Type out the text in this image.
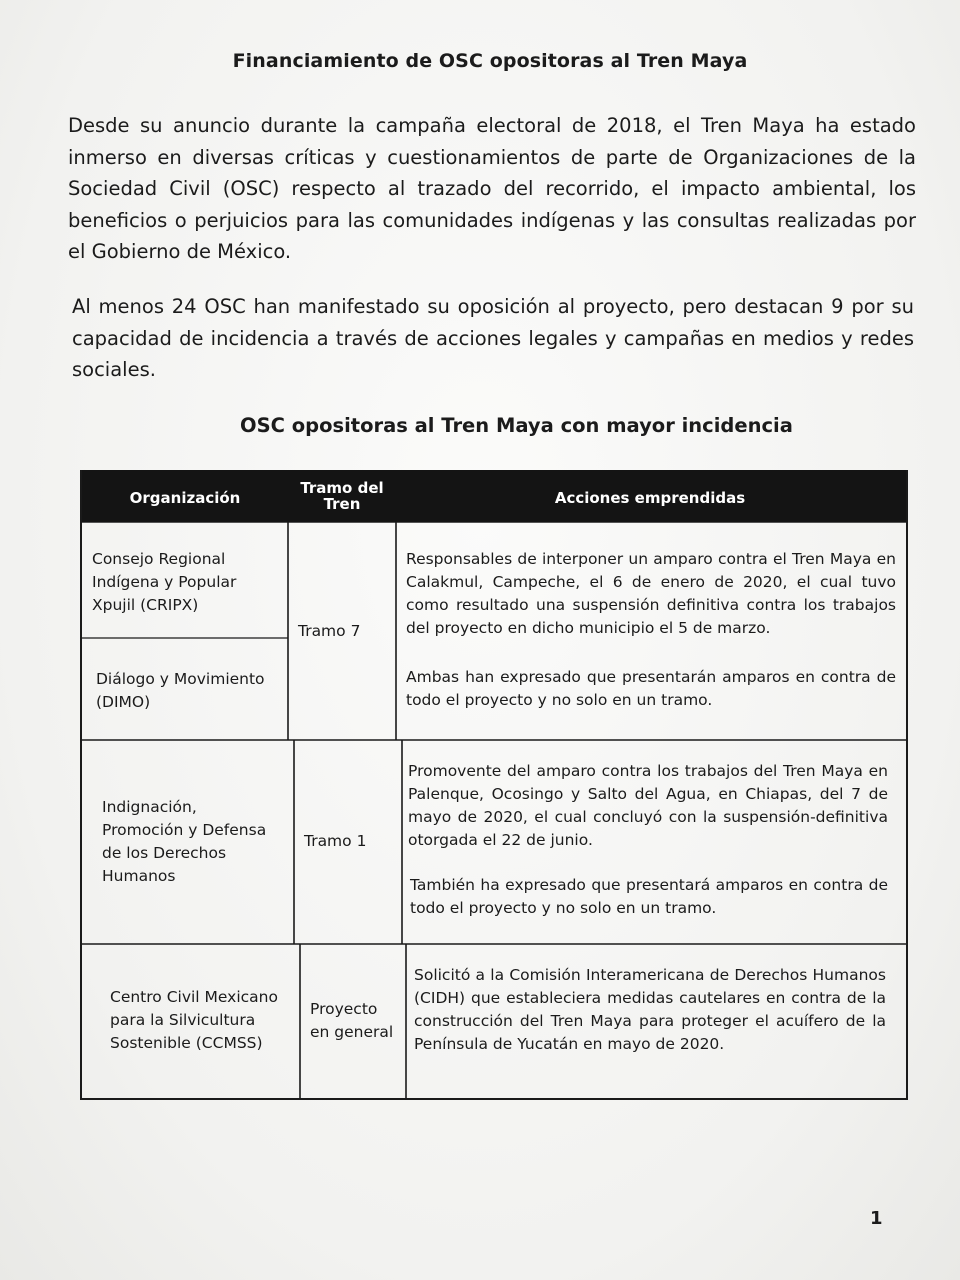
Financiamiento de OSC opositoras al Tren Maya

Desde su anuncio durante la campaña electoral de 2018, el Tren Maya ha estado inmerso en diversas críticas y cuestionamientos de parte de Organizaciones de la Sociedad Civil (OSC) respecto al trazado del recorrido, el impacto ambiental, los beneficios o perjuicios para las comunidades indígenas y las consultas realizadas por el Gobierno de México.

Al menos 24 OSC han manifestado su oposición al proyecto, pero destacan 9 por su capacidad de incidencia a través de acciones legales y campañas en medios y redes sociales.

OSC opositoras al Tren Maya con mayor incidencia
Organización
Tramo del Tren	Acciones emprendidas

Consejo Regional Indígena y Popular Xpujil (CRIPX)

Diálogo y Movimiento (DIMO)

Tramo 7

Responsables de interponer un amparo contra el Tren Maya en Calakmul, Campeche, el 6 de enero de 2020, el cual tuvo como resultado una suspensión definitiva contra los trabajos del proyecto en dicho municipio el 5 de marzo.

Ambas han expresado que presentarán amparos en contra de todo el proyecto y no solo en un tramo.

Indignación, Promoción y Defensa de los Derechos Humanos

Tramo 1

Promovente del amparo contra los trabajos del Tren Maya en Palenque, Ocosingo y Salto del Agua, en Chiapas, del 7 de mayo de 2020, el cual concluyó con la suspensión-definitiva otorgada el 22 de junio.

También ha expresado que presentará amparos en contra de todo el proyecto y no solo en un tramo.

Centro Civil Mexicano para la Silvicultura Sostenible (CCMSS)

Proyecto en general

Solicitó a la Comisión Interamericana de Derechos Humanos (CIDH) que estableciera medidas cautelares en contra de la construcción del Tren Maya para proteger el acuífero de la Península de Yucatán en mayo de 2020.

1
